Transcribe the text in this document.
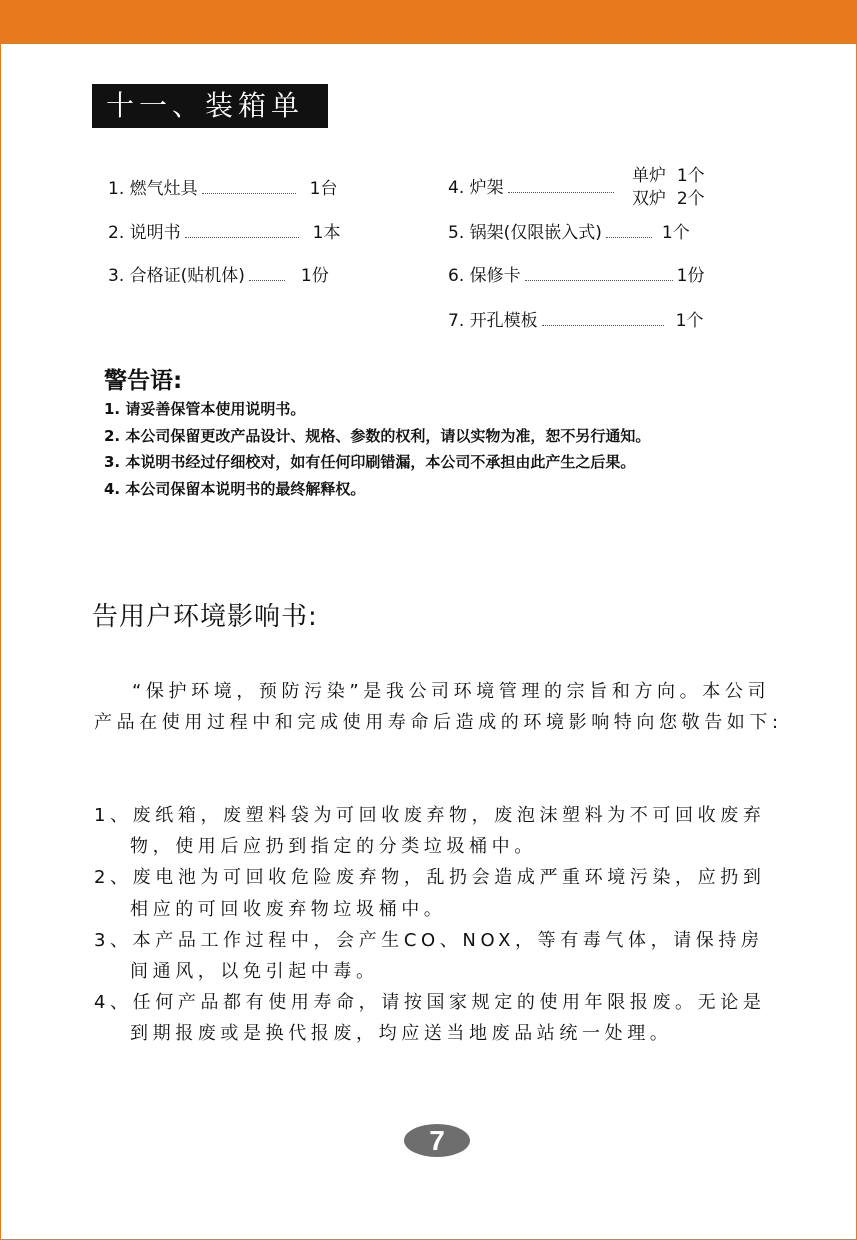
十一、装箱单
1. 燃气灶具	1台
2. 说明书	1本
3. 合格证(贴机体)	1份
4. 炉架
单炉 1个
双炉 2个
5. 锅架(仅限嵌入式)	1个
6. 保修卡	1份
7. 开孔模板	1个
警告语:
1. 请妥善保管本使用说明书。
2. 本公司保留更改产品设计、规格、参数的权利，请以实物为准，恕不另行通知。
3. 本说明书经过仔细校对，如有任何印刷错漏，本公司不承担由此产生之后果。
4. 本公司保留本说明书的最终解释权。
告用户环境影响书:
“保护环境，预防污染”是我公司环境管理的宗旨和方向。本公司产品在使用过程中和完成使用寿命后造成的环境影响特向您敬告如下:
1、废纸箱，废塑料袋为可回收废弃物，废泡沫塑料为不可回收废弃物，使用后应扔到指定的分类垃圾桶中。
2、废电池为可回收危险废弃物，乱扔会造成严重环境污染，应扔到相应的可回收废弃物垃圾桶中。
3、本产品工作过程中，会产生CO、NOX，等有毒气体，请保持房间通风，以免引起中毒。
4、任何产品都有使用寿命，请按国家规定的使用年限报废。无论是到期报废或是换代报废，均应送当地废品站统一处理。
7
